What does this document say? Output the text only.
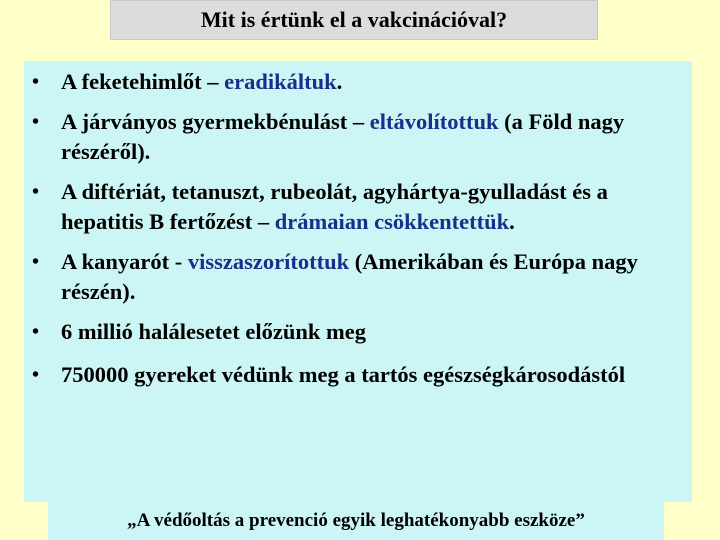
Mit is értünk el a vakcinációval?
• A feketehimlőt – eradikáltuk.
• A járványos gyermekbénulást – eltávolítottuk (a Föld nagy részéről).
• A diftériát, tetanuszt, rubeolát, agyhártya-gyulladást és a hepatitis B fertőzést – drámaian csökkentettük.
• A kanyarót - visszaszorítottuk (Amerikában és Európa nagy részén).
• 6 millió halálesetet előzünk meg
• 750000 gyereket védünk meg a tartós egészségkárosodástól
„A védőoltás a prevenció egyik leghatékonyabb eszköze”
